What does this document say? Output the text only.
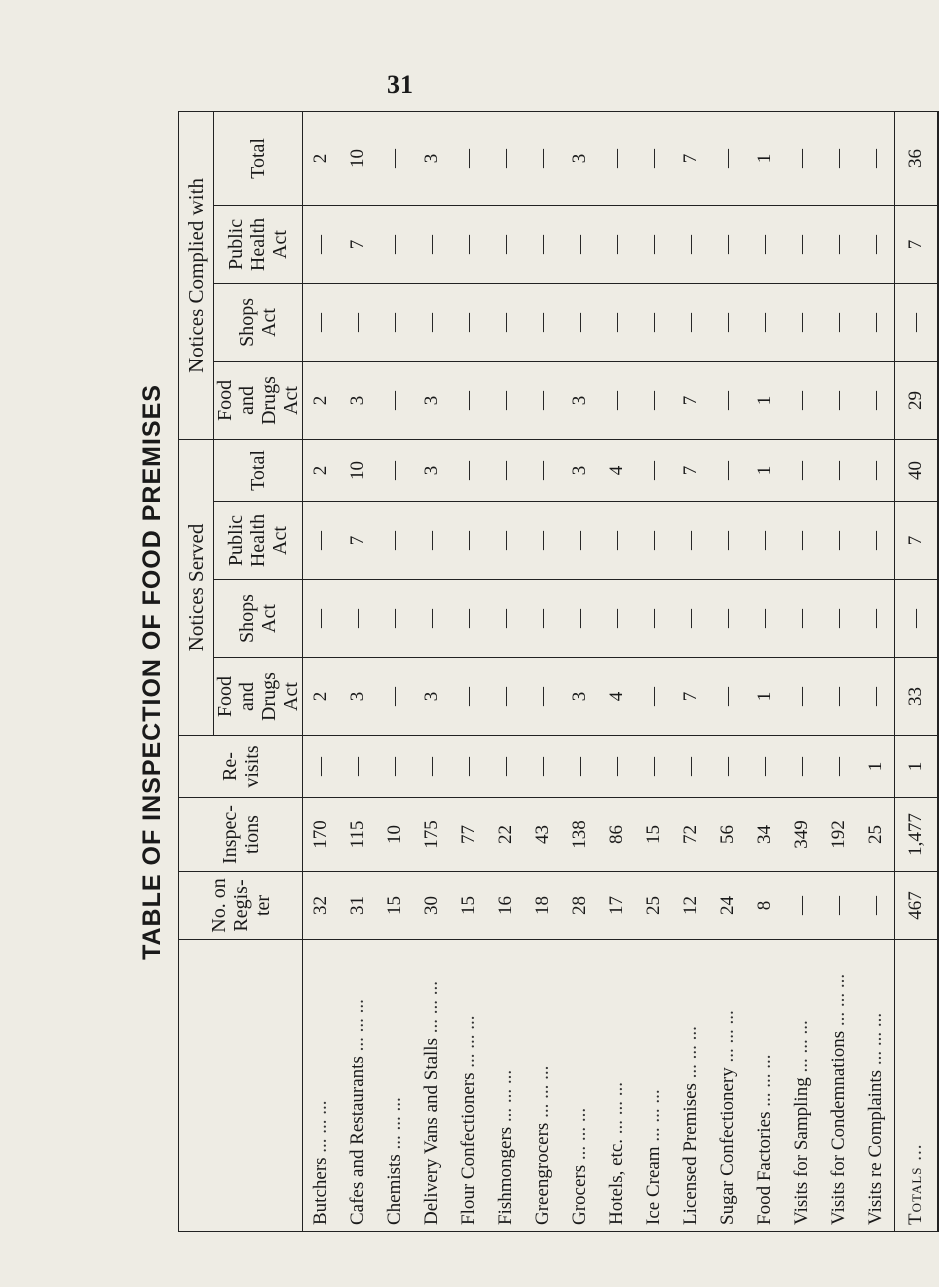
31
TABLE OF INSPECTION OF FOOD PREMISES
		No. on Regis-ter	Inspec-tions	Re-visits	Notices Served				Notices Complied with			
				Food and Drugs Act	Shops Act	Public Health Act	Total	Food and Drugs Act	Shops Act	Public Health Act	Total
Butchers ... ... ...	32	170	—	2	—	—	2	2	—	—	2
Cafes and Restaurants ... ... ...	31	115	—	3	—	7	10	3	—	7	10
Chemists ... ... ...	15	10	—	—	—	—	—	—	—	—	—
Delivery Vans and Stalls ... ... ...	30	175	—	3	—	—	3	3	—	—	3
Flour Confectioners ... ... ...	15	77	—	—	—	—	—	—	—	—	—
Fishmongers ... ... ...	16	22	—	—	—	—	—	—	—	—	—
Greengrocers ... ... ...	18	43	—	—	—	—	—	—	—	—	—
Grocers ... ... ...	28	138	—	3	—	—	3	3	—	—	3
Hotels, etc. ... ... ...	17	86	—	4	—	—	4	—	—	—	—
Ice Cream ... ... ...	25	15	—	—	—	—	—	—	—	—	—
Licensed Premises ... ... ...	12	72	—	7	—	—	7	7	—	—	7
Sugar Confectionery ... ... ...	24	56	—	—	—	—	—	—	—	—	—
Food Factories ... ... ...	8	34	—	1	—	—	1	1	—	—	1
Visits for Sampling ... ... ...	—	349	—	—	—	—	—	—	—	—	—
Visits for Condemnations ... ... ...	—	192	—	—	—	—	—	—	—	—	—
Visits re Complaints ... ... ...	—	25	1	—	—	—	—	—	—	—	—
Totals ...	467	1,477	1	33	—	7	40	29	—	7	36
